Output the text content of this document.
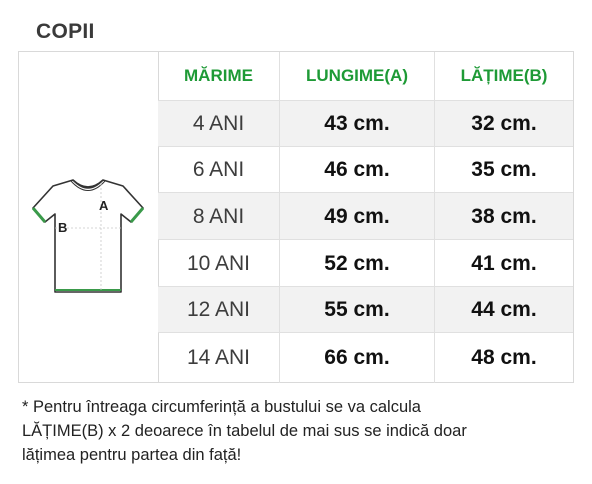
COPII
A
B
MĂRIME	LUNGIME(A)	LĂȚIME(B)
4 ANI	43 cm.	32 cm.
6 ANI	46 cm.	35 cm.
8 ANI	49 cm.	38 cm.
10 ANI	52 cm.	41 cm.
12 ANI	55 cm.	44 cm.
14 ANI	66 cm.	48 cm.
* Pentru întreaga circumferință a bustului se va calcula
LĂȚIME(B) x 2 deoarece în tabelul de mai sus se indică doar
lățimea pentru partea din față!
